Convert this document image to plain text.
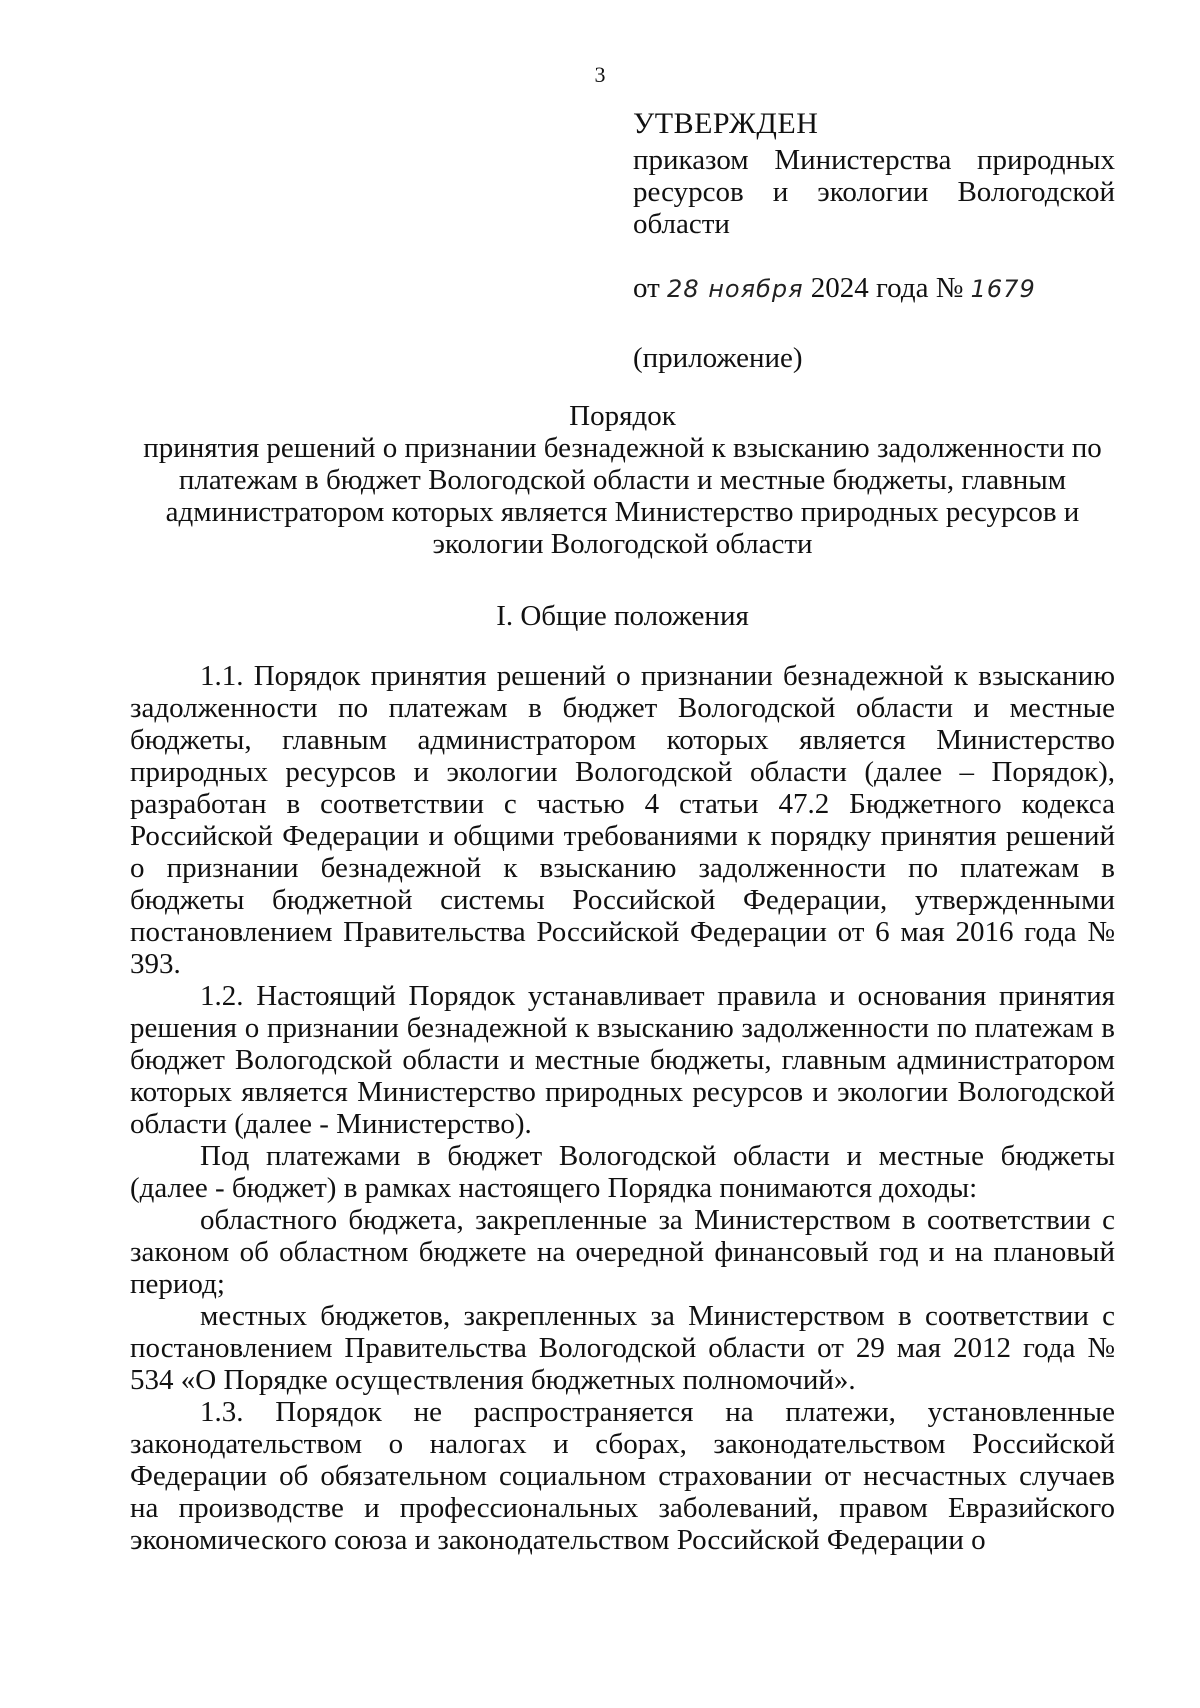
3
УТВЕРЖДЕН
приказом Министерства природных
ресурсов и экологии Вологодской
области
от 28 ноября 2024 года № 1679
(приложение)
Порядок
принятия решений о признании безнадежной к взысканию задолженности по платежам в бюджет Вологодской области и местные бюджеты, главным администратором которых является Министерство природных ресурсов и экологии Вологодской области
I. Общие положения

1.1. Порядок принятия решений о признании безнадежной к взысканию задолженности по платежам в бюджет Вологодской области и местные бюджеты, главным администратором которых является Министерство природных ресурсов и экологии Вологодской области (далее – Порядок), разработан в соответствии с частью 4 статьи 47.2 Бюджетного кодекса Российской Федерации и общими требованиями к порядку принятия решений о признании безнадежной к взысканию задолженности по платежам в бюджеты бюджетной системы Российской Федерации, утвержденными постановлением Правительства Российской Федерации от 6 мая 2016 года № 393.

1.2. Настоящий Порядок устанавливает правила и основания принятия решения о признании безнадежной к взысканию задолженности по платежам в бюджет Вологодской области и местные бюджеты, главным администратором которых является Министерство природных ресурсов и экологии Вологодской области (далее - Министерство).

Под платежами в бюджет Вологодской области и местные бюджеты (далее - бюджет) в рамках настоящего Порядка понимаются доходы:

областного бюджета, закрепленные за Министерством в соответствии с законом об областном бюджете на очередной финансовый год и на плановый период;

местных бюджетов, закрепленных за Министерством в соответствии с постановлением Правительства Вологодской области от 29 мая 2012 года № 534 «О Порядке осуществления бюджетных полномочий».

1.3. Порядок не распространяется на платежи, установленные законодательством о налогах и сборах, законодательством Российской Федерации об обязательном социальном страховании от несчастных случаев на производстве и профессиональных заболеваний, правом Евразийского экономического союза и законодательством Российской Федерации о
